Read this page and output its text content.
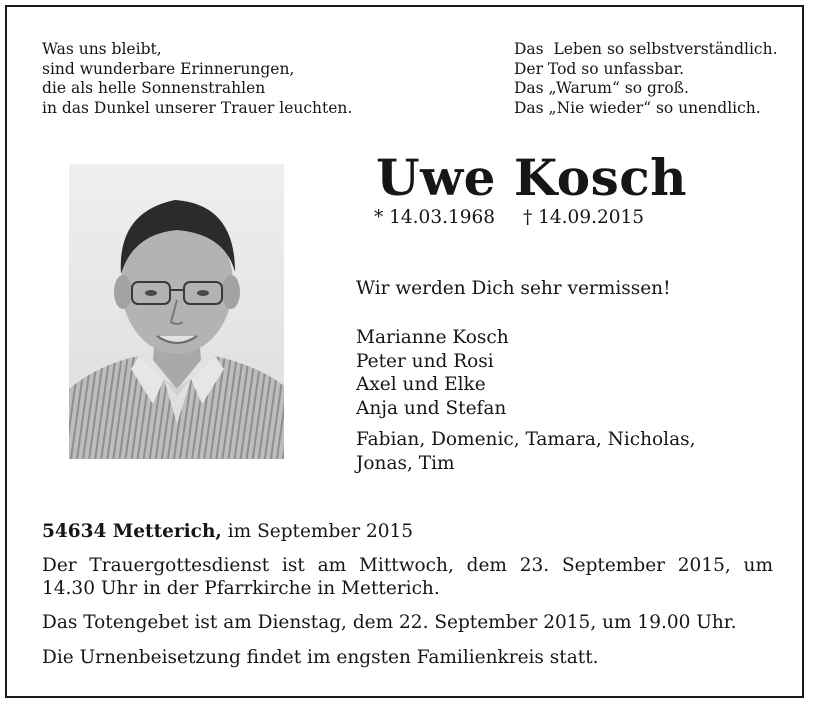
Was uns bleibt,
sind wunderbare Erinnerungen,
die als helle Sonnenstrahlen
in das Dunkel unserer Trauer leuchten.
Das  Leben so selbstverständlich.
Der Tod so unfassbar.
Das „Warum“ so groß.
Das „Nie wieder“ so unendlich.
Uwe Kosch
* 14.03.1968 † 14.09.2015
Wir werden Dich sehr vermissen!
Marianne Kosch
Peter und Rosi
Axel und Elke
Anja und Stefan
Fabian, Domenic, Tamara, Nicholas,
Jonas, Tim
54634 Metterich, im September 2015
Der Trauergottesdienst ist am Mittwoch, dem 23. September 2015, um
14.30 Uhr in der Pfarrkirche in Metterich.
Das Totengebet ist am Dienstag, dem 22. September 2015, um 19.00 Uhr.
Die Urnenbeisetzung findet im engsten Familienkreis statt.
